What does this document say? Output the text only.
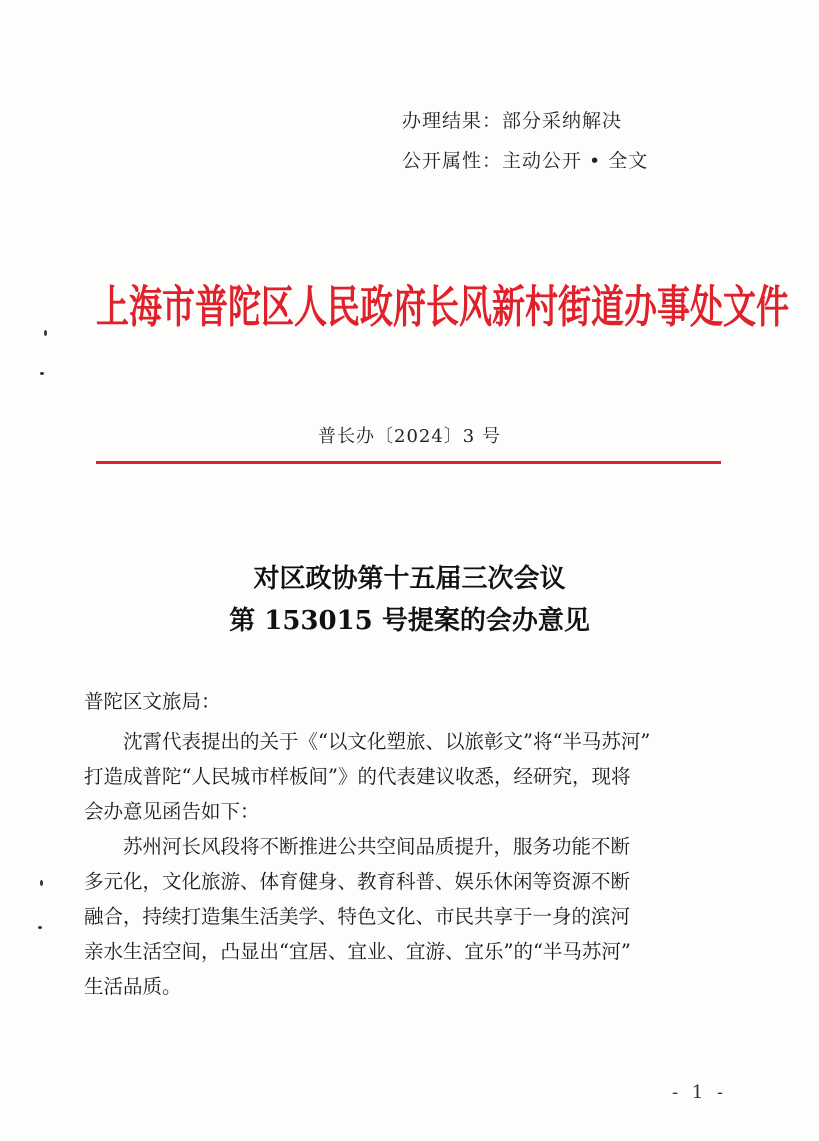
办理结果：部分采纳解决
公开属性：主动公开 • 全文
上海市普陀区人民政府长风新村街道办事处文件
普长办〔2024〕3 号
对区政协第十五届三次会议
第 153015 号提案的会办意见
普陀区文旅局：
　　沈霄代表提出的关于《“以文化塑旅、以旅彰文”将“半马苏河”
打造成普陀“人民城市样板间”》的代表建议收悉，经研究，现将
会办意见函告如下：
　　苏州河长风段将不断推进公共空间品质提升，服务功能不断
多元化，文化旅游、体育健身、教育科普、娱乐休闲等资源不断
融合，持续打造集生活美学、特色文化、市民共享于一身的滨河
亲水生活空间，凸显出“宜居、宜业、宜游、宜乐”的“半马苏河”
生活品质。
- 1 -
